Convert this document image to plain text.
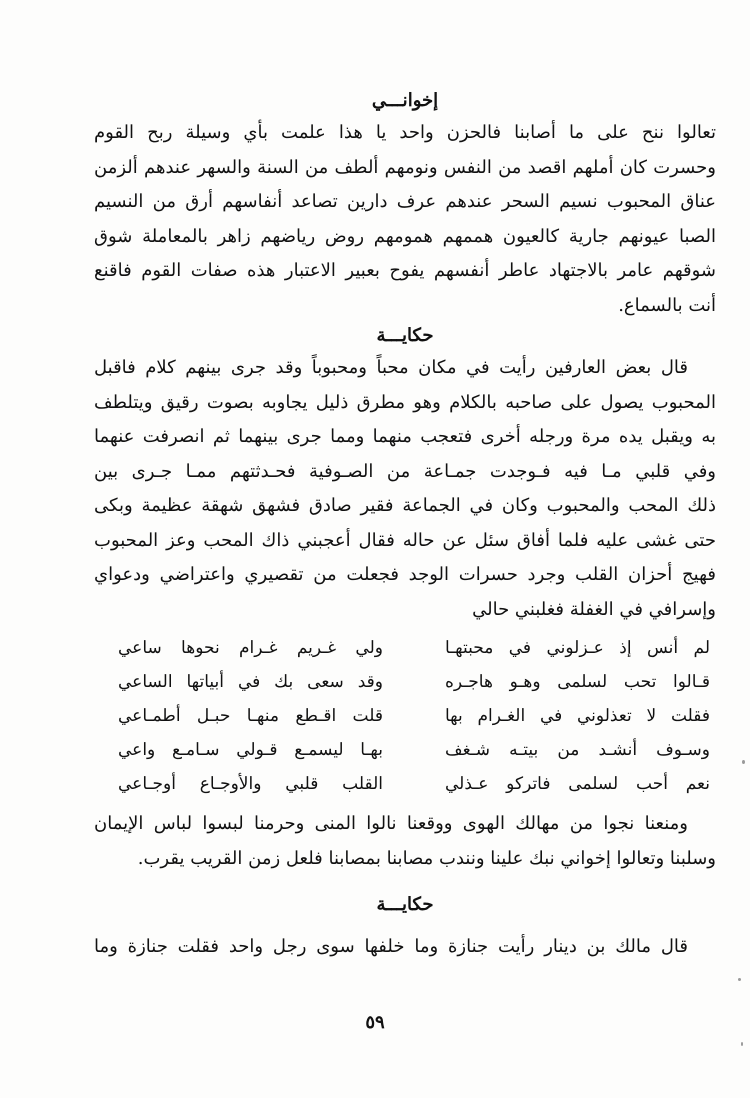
إخوانـــي

تعالوا ننح على ما أصابنا فالحزن واحد يا هذا علمت بأي وسيلة ربح القوم
وحسرت كان أملهم اقصد من النفس ونومهم ألطف من السنة والسهر عندهم ألزمن
عناق المحبوب نسيم السحر عندهم عرف دارين تصاعد أنفاسهم أرق من النسيم
الصبا عيونهم جارية كالعيون هممهم همومهم روض رياضهم زاهر بالمعاملة شوق
شوقهم عامر بالاجتهاد عاطر أنفسهم يفوح بعبير الاعتبار هذه صفات القوم فاقنع
أنت بالسماع.

حكايـــة

قال بعض العارفين رأيت في مكان محباً ومحبوباً وقد جرى بينهم كلام فاقبل
المحبوب يصول على صاحبه بالكلام وهو مطرق ذليل يجاوبه بصوت رقيق ويتلطف
به ويقبل يده مرة ورجله أخرى فتعجب منهما ومما جرى بينهما ثم انصرفت عنهما
وفي قلبي مـا فيه فـوجدت جمـاعة من الصـوفية فحـدثتهم ممـا جـرى بين
ذلك المحب والمحبوب وكان في الجماعة فقير صادق فشهق شهقة عظيمة وبكى
حتى غشى عليه فلما أفاق سئل عن حاله فقال أعجبني ذاك المحب وعز المحبوب
فهيج أحزان القلب وجرد حسرات الوجد فجعلت من تقصيري واعتراضي ودعواي
وإسرافي في الغفلة فغلبني حالي

لم أنس إذ عـزلوني في محبتهـا
ولي غـريم غـرام نحوها ساعي
قـالوا تحب لسلمى وهـو هاجـره
وقد سعى بك في أبياتها الساعي
فقلت لا تعذلوني في الغـرام بها
قلت اقـطع منهـا حبـل أطمـاعي
وسـوف أنشـد من بيتـه شـغف
بهـا ليسمـع قـولي سـامـع واعي
نعم أحب لسلمى فاتركو عـذلي
القلب قلبي والأوجـاع أوجـاعي

ومنعنا نجوا من مهالك الهوى ووقعنا نالوا المنى وحرمنا لبسوا لباس الإيمان
وسلبنا وتعالوا إخواني نبك علينا ونندب مصابنا بمصابنا فلعل زمن القريب يقرب.

حكايـــة

قال مالك بن دينار رأيت جنازة وما خلفها سوى رجل واحد فقلت جنازة وما

٥٩
